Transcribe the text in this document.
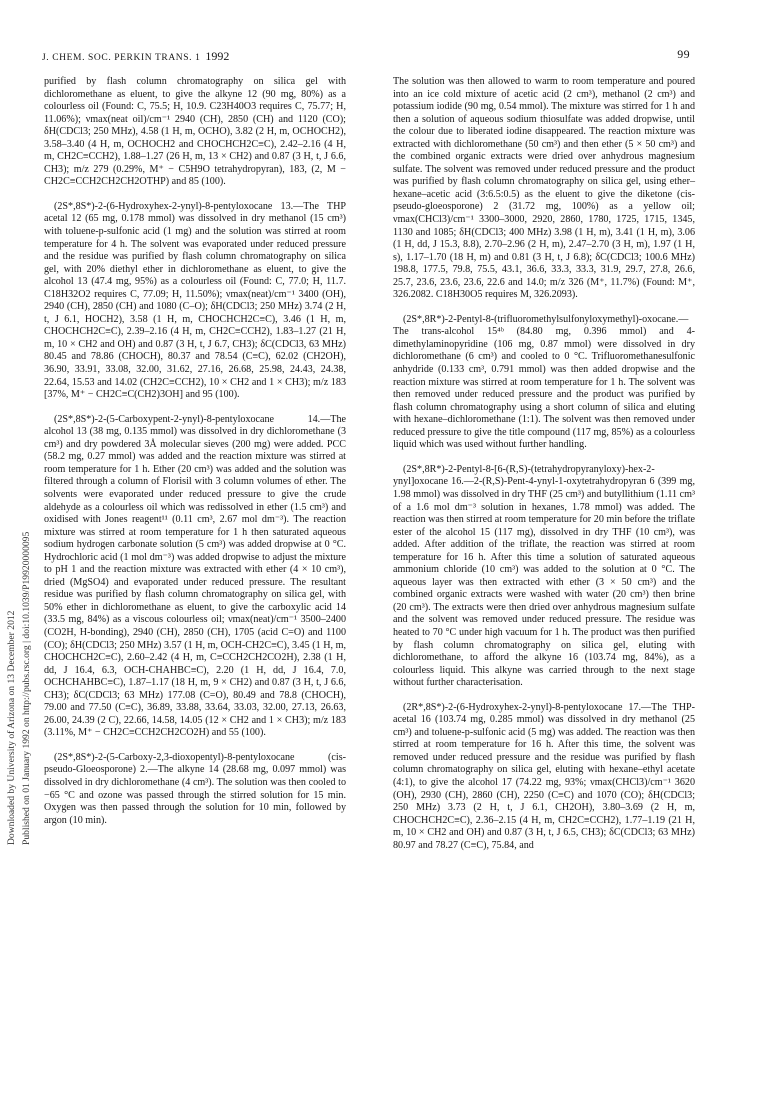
J. CHEM. SOC. PERKIN TRANS. 1 1992	99
Downloaded by University of Arizona on 13 December 2012 Published on 01 January 1992 on http://pubs.rsc.org | doi:10.1039/P19920000095

purified by flash column chromatography on silica gel with dichloromethane as eluent, to give the alkyne 12 (90 mg, 80%) as a colourless oil (Found: C, 75.5; H, 10.9. C23H40O3 requires C, 75.77; H, 11.06%); νmax(neat oil)/cm⁻¹ 2940 (CH), 2850 (CH) and 1120 (CO); δH(CDCl3; 250 MHz), 4.58 (1 H, m, OCHO), 3.82 (2 H, m, OCHOCH2), 3.58–3.40 (4 H, m, OCHOCH2 and CHOCHCH2C≡C), 2.42–2.16 (4 H, m, CH2C≡CCH2), 1.88–1.27 (26 H, m, 13 × CH2) and 0.87 (3 H, t, J 6.6, CH3); m/z 279 (0.29%, M⁺ − C5H9O tetrahydropyran), 183, (2, M − CH2C≡CCH2CH2CH2OTHP) and 85 (100).

(2S*,8S*)-2-(6-Hydroxyhex-2-ynyl)-8-pentyloxocane 13.—The THP acetal 12 (65 mg, 0.178 mmol) was dissolved in dry methanol (15 cm³) with toluene-p-sulfonic acid (1 mg) and the solution was stirred at room temperature for 4 h. The solvent was evaporated under reduced pressure and the residue was purified by flash column chromatography on silica gel, with 20% diethyl ether in dichloromethane as eluent, to give the alcohol 13 (47.4 mg, 95%) as a colourless oil (Found: C, 77.0; H, 11.7. C18H32O2 requires C, 77.09; H, 11.50%); νmax(neat)/cm⁻¹ 3400 (OH), 2940 (CH), 2850 (CH) and 1080 (C–O); δH(CDCl3; 250 MHz) 3.74 (2 H, t, J 6.1, HOCH2), 3.58 (1 H, m, CHOCHCH2C≡C), 3.46 (1 H, m, CHOCHCH2C≡C), 2.39–2.16 (4 H, m, CH2C≡CCH2), 1.83–1.27 (21 H, m, 10 × CH2 and OH) and 0.87 (3 H, t, J 6.7, CH3); δC(CDCl3, 63 MHz) 80.45 and 78.86 (CHOCH), 80.37 and 78.54 (C≡C), 62.02 (CH2OH), 36.90, 33.91, 33.08, 32.00, 31.62, 27.16, 26.68, 25.98, 24.43, 24.38, 22.64, 15.53 and 14.02 (CH2C≡CCH2), 10 × CH2 and 1 × CH3); m/z 183 [37%, M⁺ − CH2C≡C(CH2)3OH] and 95 (100).

(2S*,8S*)-2-(5-Carboxypent-2-ynyl)-8-pentyloxocane 14.—The alcohol 13 (38 mg, 0.135 mmol) was dissolved in dry dichloromethane (3 cm³) and dry powdered 3Å molecular sieves (200 mg) were added. PCC (58.2 mg, 0.27 mmol) was added and the reaction mixture was stirred at room temperature for 1 h. Ether (20 cm³) was added and the solution was filtered through a column of Florisil with 3 column volumes of ether. The solvents were evaporated under reduced pressure to give the crude aldehyde as a colourless oil which was redissolved in ether (1.5 cm³) and oxidised with Jones reagent¹¹ (0.11 cm³, 2.67 mol dm⁻³). The reaction mixture was stirred at room temperature for 1 h then saturated aqueous sodium hydrogen carbonate solution (5 cm³) was added dropwise at 0 °C. Hydrochloric acid (1 mol dm⁻³) was added dropwise to adjust the mixture to pH 1 and the reaction mixture was extracted with ether (4 × 10 cm³), dried (MgSO4) and evaporated under reduced pressure. The resultant residue was purified by flash column chromatography on silica gel, with 50% ether in dichloromethane as eluent, to give the carboxylic acid 14 (33.5 mg, 84%) as a viscous colourless oil; νmax(neat)/cm⁻¹ 3500–2400 (CO2H, H-bonding), 2940 (CH), 2850 (CH), 1705 (acid C=O) and 1100 (CO); δH(CDCl3; 250 MHz) 3.57 (1 H, m, OCH-CH2C≡C), 3.45 (1 H, m, CHOCHCH2C≡C), 2.60–2.42 (4 H, m, C≡CCH2CH2CO2H), 2.38 (1 H, dd, J 16.4, 6.3, OCH-CHAHBC≡C), 2.20 (1 H, dd, J 16.4, 7.0, OCHCHAHBC≡C), 1.87–1.17 (18 H, m, 9 × CH2) and 0.87 (3 H, t, J 6.6, CH3); δC(CDCl3; 63 MHz) 177.08 (C=O), 80.49 and 78.8 (CHOCH), 79.00 and 77.50 (C≡C), 36.89, 33.88, 33.64, 33.03, 32.00, 27.13, 26.63, 26.00, 24.39 (2 C), 22.66, 14.58, 14.05 (12 × CH2 and 1 × CH3); m/z 183 (3.11%, M⁺ − CH2C≡CCH2CH2CO2H) and 55 (100).

(2S*,8S*)-2-(5-Carboxy-2,3-dioxopentyl)-8-pentyloxocane (cis-pseudo-Gloeosporone) 2.—The alkyne 14 (28.68 mg, 0.097 mmol) was dissolved in dry dichloromethane (4 cm³). The solution was then cooled to −65 °C and ozone was passed through the stirred solution for 15 min. Oxygen was then passed through the solution for 10 min, followed by argon (10 min).

The solution was then allowed to warm to room temperature and poured into an ice cold mixture of acetic acid (2 cm³), methanol (2 cm³) and potassium iodide (90 mg, 0.54 mmol). The mixture was stirred for 1 h and then a solution of aqueous sodium thiosulfate was added dropwise, until the colour due to liberated iodine disappeared. The reaction mixture was extracted with dichloromethane (50 cm³) and then ether (5 × 50 cm³) and the combined organic extracts were dried over anhydrous magnesium sulfate. The solvent was removed under reduced pressure and the product was purified by flash column chromatography on silica gel, using ether–hexane–acetic acid (3:6.5:0.5) as the eluent to give the diketone (cis-pseudo-gloeosporone) 2 (31.72 mg, 100%) as a yellow oil; νmax(CHCl3)/cm⁻¹ 3300–3000, 2920, 2860, 1780, 1725, 1715, 1345, 1130 and 1085; δH(CDCl3; 400 MHz) 3.98 (1 H, m), 3.41 (1 H, m), 3.06 (1 H, dd, J 15.3, 8.8), 2.70–2.96 (2 H, m), 2.47–2.70 (3 H, m), 1.97 (1 H, s), 1.17–1.70 (18 H, m) and 0.81 (3 H, t, J 6.8); δC(CDCl3; 100.6 MHz) 198.8, 177.5, 79.8, 75.5, 43.1, 36.6, 33.3, 33.3, 31.9, 29.7, 27.8, 26.6, 25.7, 23.6, 23.6, 23.6, 22.6 and 14.0; m/z 326 (M⁺, 11.7%) (Found: M⁺, 326.2082. C18H30O5 requires M, 326.2093).

(2S*,8R*)-2-Pentyl-8-(trifluoromethylsulfonyloxymethyl)-oxocane.—The trans-alcohol 15⁴ᵇ (84.80 mg, 0.396 mmol) and 4-dimethylaminopyridine (106 mg, 0.87 mmol) were dissolved in dry dichloromethane (6 cm³) and cooled to 0 °C. Trifluoromethanesulfonic anhydride (0.133 cm³, 0.791 mmol) was then added dropwise and the reaction mixture was stirred at room temperature for 1 h. The solvent was then removed under reduced pressure and the product was purified by flash column chromatography using a short column of silica and eluting with hexane–dichloromethane (1:1). The solvent was then removed under reduced pressure to give the title compound (117 mg, 85%) as a colourless liquid which was used without further handling.

(2S*,8R*)-2-Pentyl-8-[6-(R,S)-(tetrahydropyranyloxy)-hex-2-ynyl]oxocane 16.—2-(R,S)-Pent-4-ynyl-1-oxytetrahydropyran 6 (399 mg, 1.98 mmol) was dissolved in dry THF (25 cm³) and butyllithium (1.11 cm³ of a 1.6 mol dm⁻³ solution in hexanes, 1.78 mmol) was added. The reaction was then stirred at room temperature for 20 min before the triflate ester of the alcohol 15 (117 mg), dissolved in dry THF (10 cm³), was added. After addition of the triflate, the reaction was stirred at room temperature for 16 h. After this time a solution of saturated aqueous ammonium chloride (10 cm³) was added to the solution at 0 °C. The aqueous layer was then extracted with ether (3 × 50 cm³) and the combined organic extracts were washed with water (20 cm³) then brine (20 cm³). The extracts were then dried over anhydrous magnesium sulfate and the solvent was removed under reduced pressure. The residue was heated to 70 °C under high vacuum for 1 h. The product was then purified by flash column chromatography on silica gel, eluting with dichloromethane, to afford the alkyne 16 (103.74 mg, 84%), as a colourless liquid. This alkyne was carried through to the next stage without further characterisation.

(2R*,8S*)-2-(6-Hydroxyhex-2-ynyl)-8-pentyloxocane 17.—The THP-acetal 16 (103.74 mg, 0.285 mmol) was dissolved in dry methanol (25 cm³) and toluene-p-sulfonic acid (5 mg) was added. The reaction was then stirred at room temperature for 16 h. After this time, the solvent was removed under reduced pressure and the residue was purified by flash column chromatography on silica gel, eluting with hexane–ethyl acetate (4:1), to give the alcohol 17 (74.22 mg, 93%; νmax(CHCl3)/cm⁻¹ 3620 (OH), 2930 (CH), 2860 (CH), 2250 (C≡C) and 1070 (CO); δH(CDCl3; 250 MHz) 3.73 (2 H, t, J 6.1, CH2OH), 3.80–3.69 (2 H, m, CHOCHCH2C≡C), 2.36–2.15 (4 H, m, CH2C≡CCH2), 1.77–1.19 (21 H, m, 10 × CH2 and OH) and 0.87 (3 H, t, J 6.5, CH3); δC(CDCl3; 63 MHz) 80.97 and 78.27 (C≡C), 75.84, and
